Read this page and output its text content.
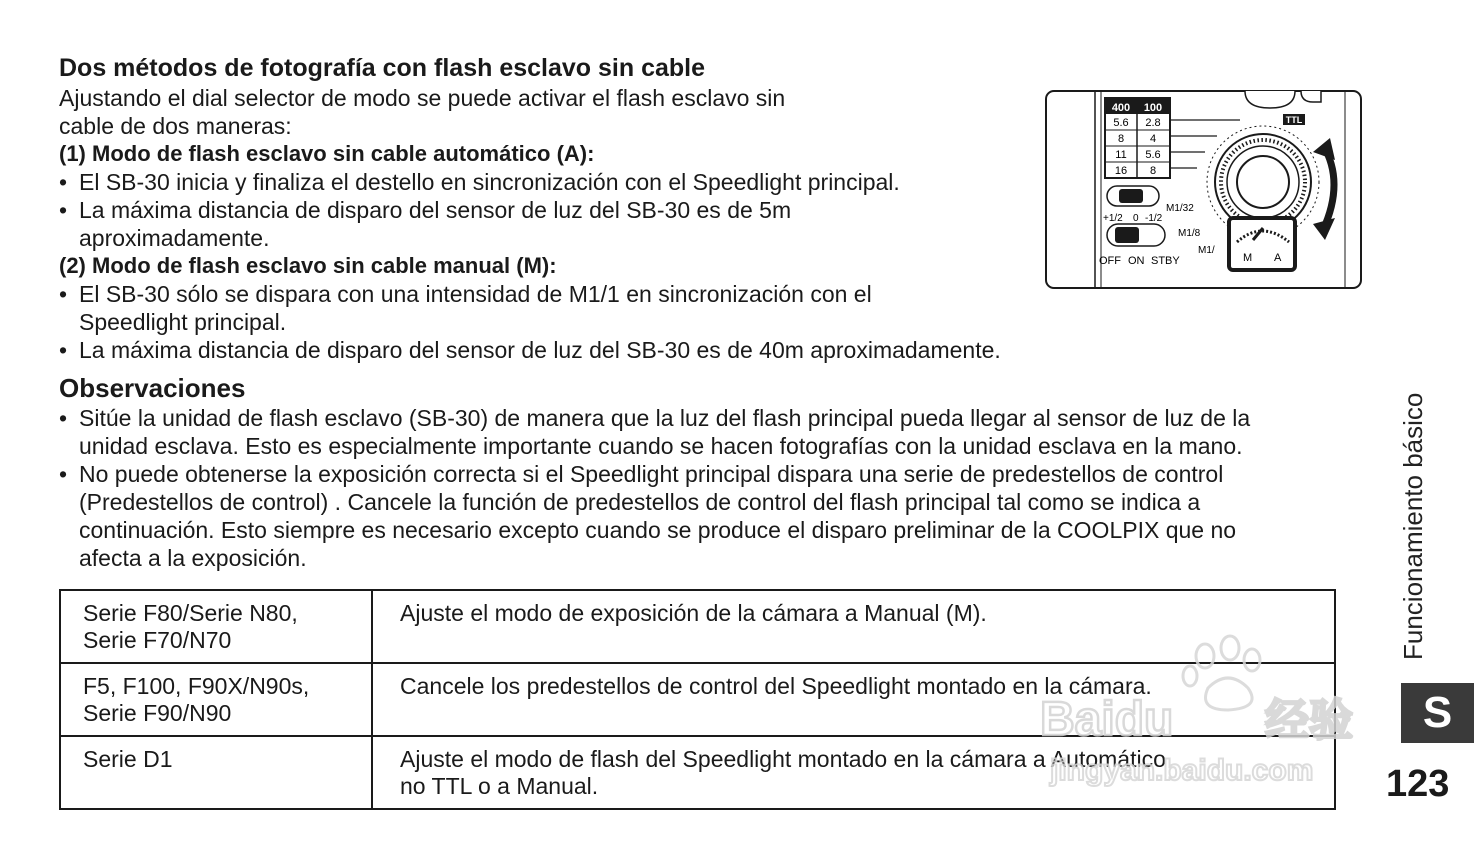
Dos métodos de fotografía con flash esclavo sin cable
Ajustando el dial selector de modo se puede activar el flash esclavo sin
cable de dos maneras:
(1) Modo de flash esclavo sin cable automático (A):
• El SB-30 inicia y finaliza el destello en sincronización con el Speedlight principal.
• La máxima distancia de disparo del sensor de luz del SB-30 es de 5m
aproximadamente.
(2) Modo de flash esclavo sin cable manual (M):
• El SB-30 sólo se dispara con una intensidad de M1/1 en sincronización con el
Speedlight principal.
• La máxima distancia de disparo del sensor de luz del SB-30 es de 40m aproximadamente.
Observaciones
• Sitúe la unidad de flash esclavo (SB-30) de manera que la luz del flash principal pueda llegar al sensor de luz de la
unidad esclava. Esto es especialmente importante cuando se hacen fotografías con la unidad esclava en la mano.
• No puede obtenerse la exposición correcta si el Speedlight principal dispara una serie de predestellos de control
(Predestellos de control) . Cancele la función de predestellos de control del flash principal tal como se indica a
continuación. Esto siempre es necesario excepto cuando se produce el disparo preliminar de la COOLPIX que no
afecta a la exposición.
Serie F80/Serie N80,
Serie F70/N70	Ajuste el modo de exposición de la cámara a Manual (M).
F5, F100, F90X/N90s,
Serie F90/N90	Cancele los predestellos de control del Speedlight montado en la cámara.
Serie D1	Ajuste el modo de flash del Speedlight montado en la cámara a Automático
no TTL o a Manual.
400 100
5.6 2.8
8 4
11 5.6
16 8
TTL
+1/2 0 -1/2
OFF ON STBY
M1/32
M1/8
M1/
M A
Funcionamiento básico
S
123
Baidu 经验
jingyan.baidu.com
